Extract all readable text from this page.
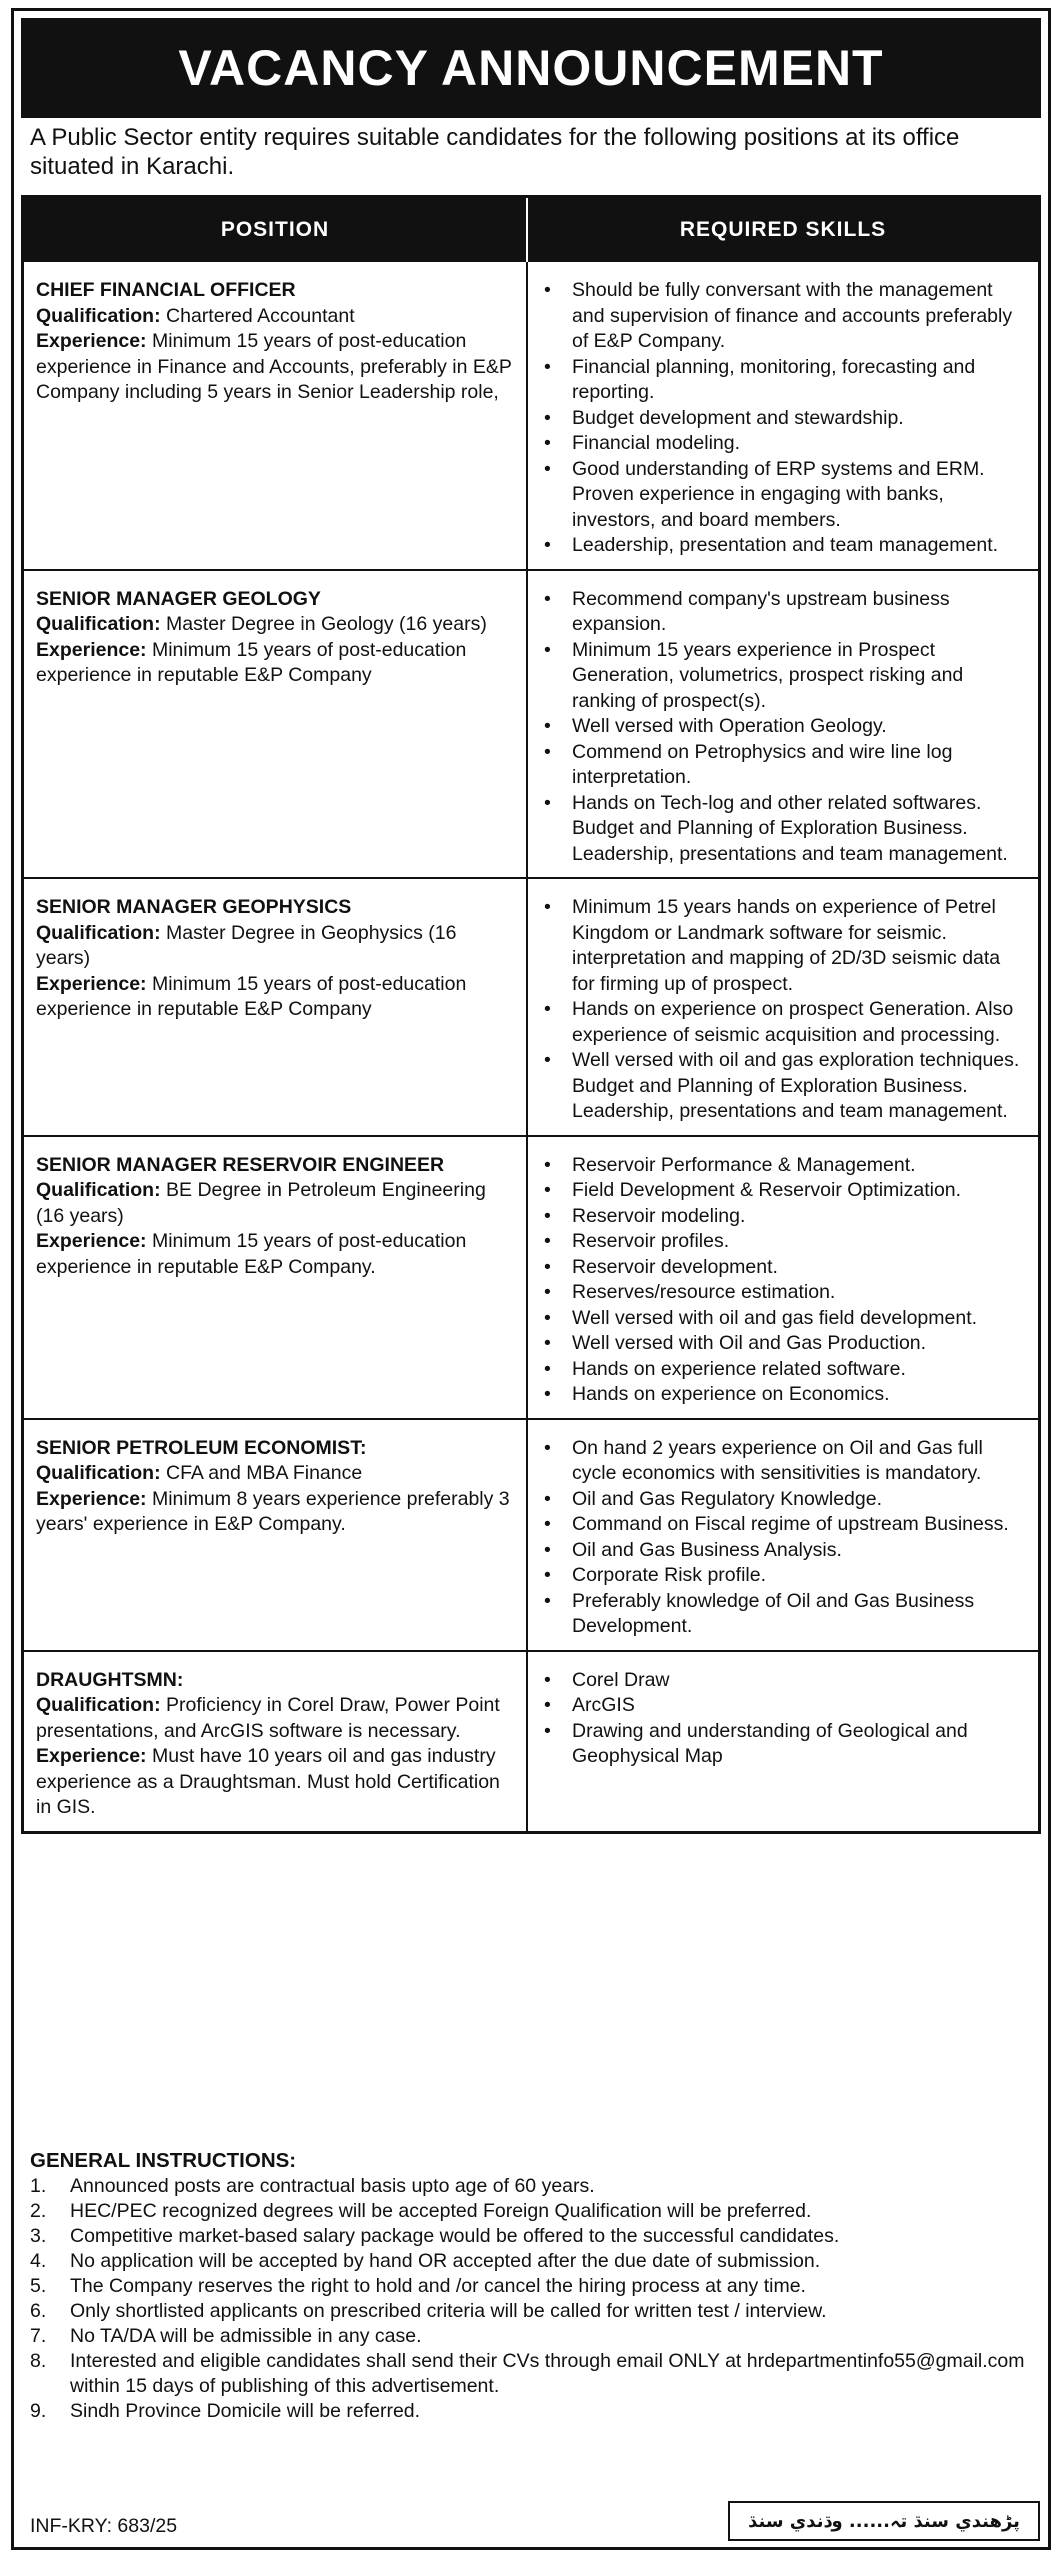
VACANCY ANNOUNCEMENT

A Public Sector entity requires suitable candidates for the following positions at its office situated in Karachi.

POSITION	REQUIRED SKILLS
CHIEF FINANCIAL OFFICER
Qualification: Chartered Accountant
Experience: Minimum 15 years of post-education experience in Finance and Accounts, preferably in E&P Company including 5 years in Senior Leadership role,
• Should be fully conversant with the management and supervision of finance and accounts preferably of E&P Company.
• Financial planning, monitoring, forecasting and reporting.
• Budget development and stewardship.
• Financial modeling.
• Good understanding of ERP systems and ERM. Proven experience in engaging with banks, investors, and board members.
• Leadership, presentation and team management.
SENIOR MANAGER GEOLOGY
Qualification: Master Degree in Geology (16 years)
Experience: Minimum 15 years of post-education experience in reputable E&P Company
• Recommend company's upstream business expansion.
• Minimum 15 years experience in Prospect Generation, volumetrics, prospect risking and ranking of prospect(s).
• Well versed with Operation Geology.
• Commend on Petrophysics and wire line log interpretation.
• Hands on Tech-log and other related softwares. Budget and Planning of Exploration Business. Leadership, presentations and team management.
SENIOR MANAGER GEOPHYSICS
Qualification: Master Degree in Geophysics (16 years)
Experience: Minimum 15 years of post-education experience in reputable E&P Company
• Minimum 15 years hands on experience of Petrel Kingdom or Landmark software for seismic. interpretation and mapping of 2D/3D seismic data for firming up of prospect.
• Hands on experience on prospect Generation. Also experience of seismic acquisition and processing.
• Well versed with oil and gas exploration techniques. Budget and Planning of Exploration Business. Leadership, presentations and team management.
SENIOR MANAGER RESERVOIR ENGINEER
Qualification: BE Degree in Petroleum Engineering (16 years)
Experience: Minimum 15 years of post-education experience in reputable E&P Company.
• Reservoir Performance & Management.
• Field Development & Reservoir Optimization.
• Reservoir modeling.
• Reservoir profiles.
• Reservoir development.
• Reserves/resource estimation.
• Well versed with oil and gas field development.
• Well versed with Oil and Gas Production.
• Hands on experience related software.
• Hands on experience on Economics.
SENIOR PETROLEUM ECONOMIST:
Qualification: CFA and MBA Finance
Experience: Minimum 8 years experience preferably 3 years' experience in E&P Company.
• On hand 2 years experience on Oil and Gas full cycle economics with sensitivities is mandatory.
• Oil and Gas Regulatory Knowledge.
• Command on Fiscal regime of upstream Business.
• Oil and Gas Business Analysis.
• Corporate Risk profile.
• Preferably knowledge of Oil and Gas Business Development.
DRAUGHTSMN:
Qualification: Proficiency in Corel Draw, Power Point presentations, and ArcGIS software is necessary.
Experience: Must have 10 years oil and gas industry experience as a Draughtsman. Must hold Certification in GIS.
• Corel Draw
• ArcGIS
• Drawing and understanding of Geological and Geophysical Map
GENERAL INSTRUCTIONS:
1.	Announced posts are contractual basis upto age of 60 years.
2.	HEC/PEC recognized degrees will be accepted Foreign Qualification will be preferred.
3.	Competitive market-based salary package would be offered to the successful candidates.
4.	No application will be accepted by hand OR accepted after the due date of submission.
5.	The Company reserves the right to hold and /or cancel the hiring process at any time.
6.	Only shortlisted applicants on prescribed criteria will be called for written test / interview.
7.	No TA/DA will be admissible in any case.
8.	Interested and eligible candidates shall send their CVs through email ONLY at hrdepartmentinfo55@gmail.com within 15 days of publishing of this advertisement.
9.	Sindh Province Domicile will be referred.
INF-KRY: 683/25	پڑھندي سنڌ تہ...... وڌندي سنڌ
